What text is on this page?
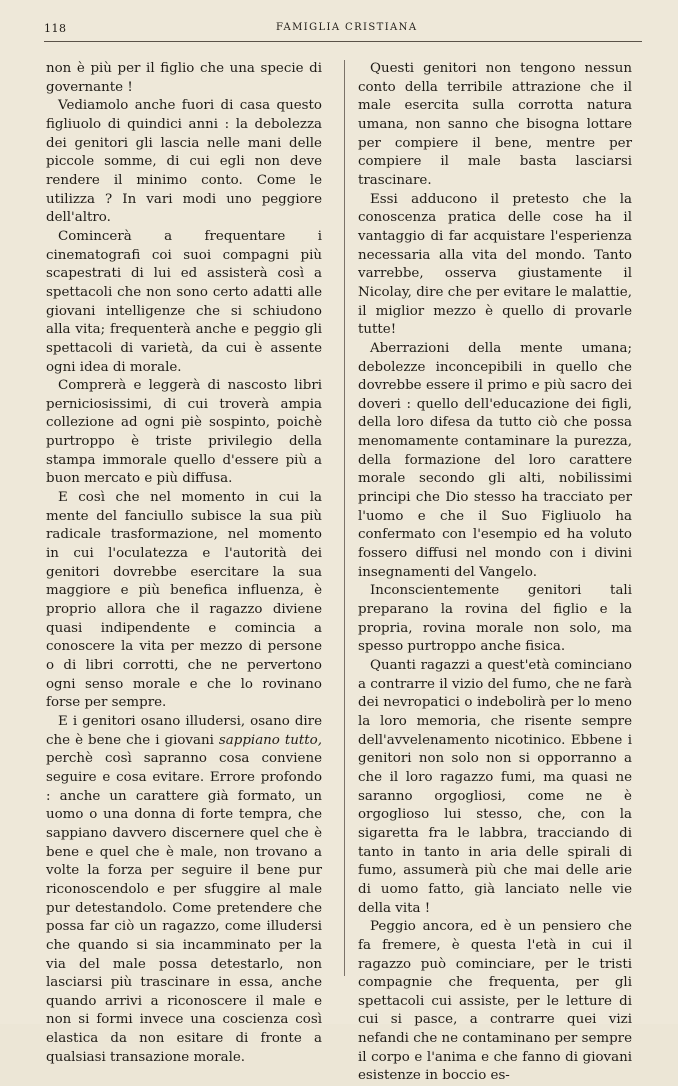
118	FAMIGLIA CRISTIANA

non è più per il figlio che una specie di governante !

Vediamolo anche fuori di casa questo figliuolo di quindici anni : la debolezza dei genitori gli lascia nelle mani delle piccole somme, di cui egli non deve rendere il minimo conto. Come le utilizza ? In vari modi uno peggiore dell'altro.

Comincerà a frequentare i cinematografi coi suoi compagni più scapestrati di lui ed assisterà così a spettacoli che non sono certo adatti alle giovani intelligenze che si schiudono alla vita; frequenterà anche e peggio gli spettacoli di varietà, da cui è assente ogni idea di morale.

Comprerà e leggerà di nascosto libri perniciosissimi, di cui troverà ampia collezione ad ogni piè sospinto, poichè purtroppo è triste privilegio della stampa immorale quello d'essere più a buon mercato e più diffusa.

E così che nel momento in cui la mente del fanciullo subisce la sua più radicale trasformazione, nel momento in cui l'oculatezza e l'autorità dei genitori dovrebbe esercitare la sua maggiore e più benefica influenza, è proprio allora che il ragazzo diviene quasi indipendente e comincia a conoscere la vita per mezzo di persone o di libri corrotti, che ne pervertono ogni senso morale e che lo rovinano forse per sempre.

E i genitori osano illudersi, osano dire che è bene che i giovani sappiano tutto, perchè così sapranno cosa conviene seguire e cosa evitare. Errore profondo : anche un carattere già formato, un uomo o una donna di forte tempra, che sappiano davvero discernere quel che è bene e quel che è male, non trovano a volte la forza per seguire il bene pur riconoscendolo e per sfuggire al male pur detestandolo. Come pretendere che possa far ciò un ragazzo, come illudersi che quando si sia incamminato per la via del male possa detestarlo, non lasciarsi più trascinare in essa, anche quando arrivi a riconoscere il male e non si formi invece una coscienza così elastica da non esitare di fronte a qualsiasi transazione morale.

Questi genitori non tengono nessun conto della terribile attrazione che il male esercita sulla corrotta natura umana, non sanno che bisogna lottare per compiere il bene, mentre per compiere il male basta lasciarsi trascinare.

Essi adducono il pretesto che la conoscenza pratica delle cose ha il vantaggio di far acquistare l'esperienza necessaria alla vita del mondo. Tanto varrebbe, osserva giustamente il Nicolay, dire che per evitare le malattie, il miglior mezzo è quello di provarle tutte!

Aberrazioni della mente umana; debolezze inconcepibili in quello che dovrebbe essere il primo e più sacro dei doveri : quello dell'educazione dei figli, della loro difesa da tutto ciò che possa menomamente contaminare la purezza, della formazione del loro carattere morale secondo gli alti, nobilissimi principi che Dio stesso ha tracciato per l'uomo e che il Suo Figliuolo ha confermato con l'esempio ed ha voluto fossero diffusi nel mondo con i divini insegnamenti del Vangelo.

Inconscientemente genitori tali preparano la rovina del figlio e la propria, rovina morale non solo, ma spesso purtroppo anche fisica.

Quanti ragazzi a quest'età cominciano a contrarre il vizio del fumo, che ne farà dei nevropatici o indebolirà per lo meno la loro memoria, che risente sempre dell'avvelenamento nicotinico. Ebbene i genitori non solo non si opporranno a che il loro ragazzo fumi, ma quasi ne saranno orgogliosi, come ne è orgoglioso lui stesso, che, con la sigaretta fra le labbra, tracciando di tanto in tanto in aria delle spirali di fumo, assumerà più che mai delle arie di uomo fatto, già lanciato nelle vie della vita !

Peggio ancora, ed è un pensiero che fa fremere, è questa l'età in cui il ragazzo può cominciare, per le tristi compagnie che frequenta, per gli spettacoli cui assiste, per le letture di cui si pasce, a contrarre quei vizi nefandi che ne contaminano per sempre il corpo e l'anima e che fanno di giovani esistenze in boccio es-
